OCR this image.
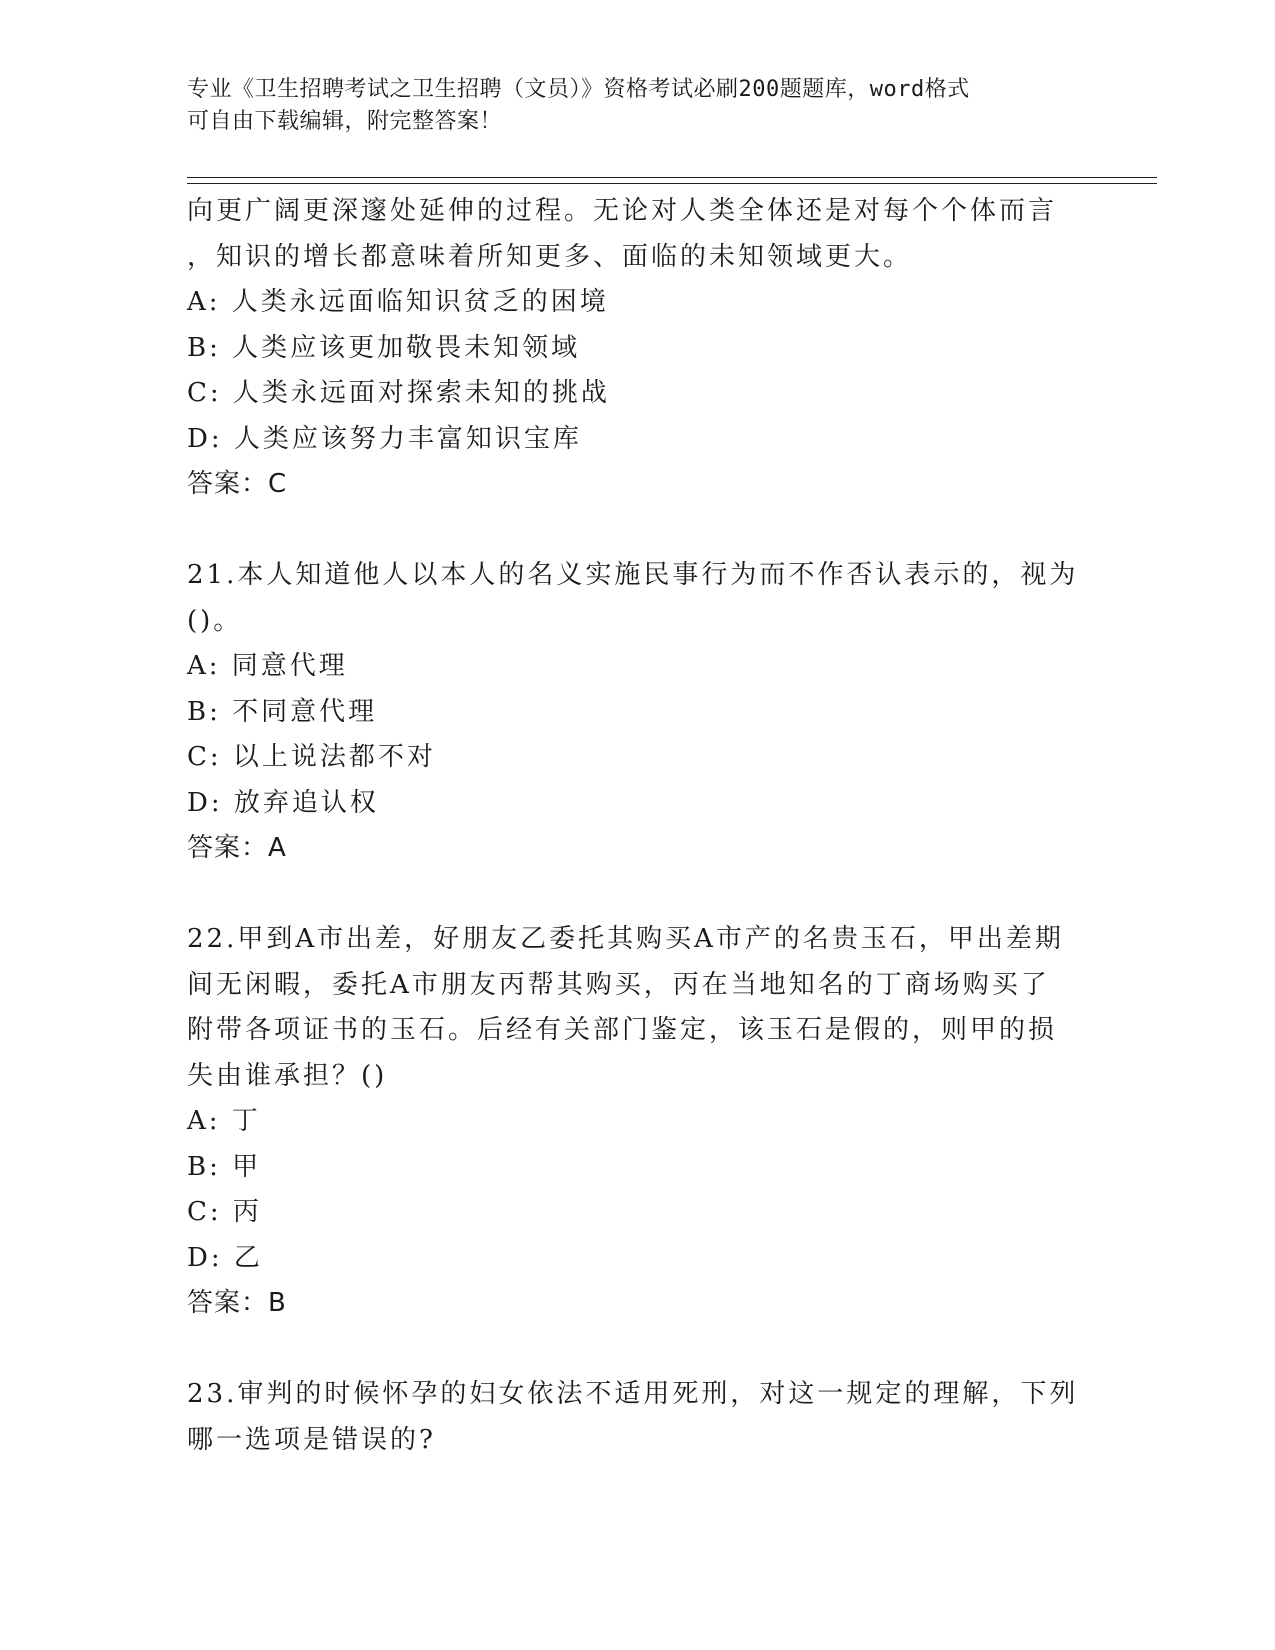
专业《卫生招聘考试之卫生招聘（文员）》资格考试必刷200题题库，word格式
可自由下载编辑，附完整答案！
向更广阔更深邃处延伸的过程。无论对人类全体还是对每个个体而言
，知识的增长都意味着所知更多、面临的未知领域更大。
A: 人类永远面临知识贫乏的困境
B: 人类应该更加敬畏未知领域
C: 人类永远面对探索未知的挑战
D: 人类应该努力丰富知识宝库
答案：C
21.本人知道他人以本人的名义实施民事行为而不作否认表示的，视为
()。
A: 同意代理
B: 不同意代理
C: 以上说法都不对
D: 放弃追认权
答案：A
22.甲到A市出差，好朋友乙委托其购买A市产的名贵玉石，甲出差期
间无闲暇，委托A市朋友丙帮其购买，丙在当地知名的丁商场购买了
附带各项证书的玉石。后经有关部门鉴定，该玉石是假的，则甲的损
失由谁承担？()
A: 丁
B: 甲
C: 丙
D: 乙
答案：B
23.审判的时候怀孕的妇女依法不适用死刑，对这一规定的理解，下列
哪一选项是错误的?
